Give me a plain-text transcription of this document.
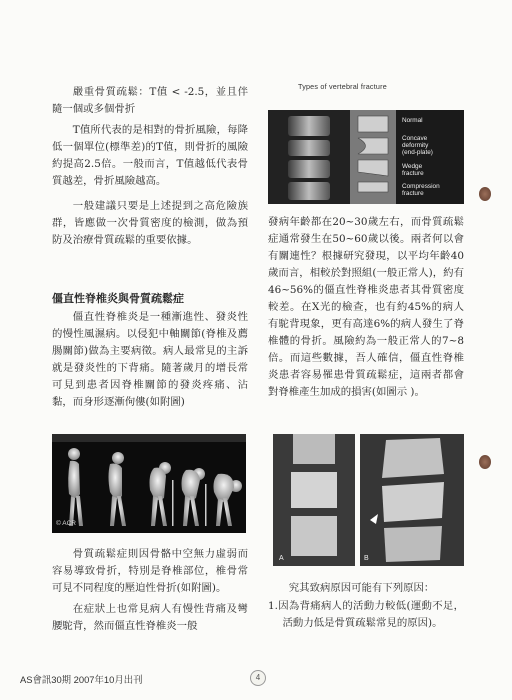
嚴重骨質疏鬆：T值 < -2.5，並且伴隨一個或多個骨折

T值所代表的是相對的骨折風險，每降低一個單位(標準差)的T值，則骨折的風險約提高2.5倍。一般而言，T值越低代表骨質越差，骨折風險越高。

一般建議只要是上述提到之高危險族群，皆應做一次骨質密度的檢測，做為預防及治療骨質疏鬆的重要依據。

僵直性脊椎炎與骨質疏鬆症

僵直性脊椎炎是一種漸進性、發炎性的慢性風濕病。以侵犯中軸關節(脊椎及薦腸關節)做為主要病徵。病人最常見的主訴就是發炎性的下背痛。隨著歲月的增長常可見到患者因脊椎關節的發炎疼痛、沾黏，而身形逐漸佝僂(如附圖)

© ACR

骨質疏鬆症則因骨骼中空無力虛弱而容易導致骨折，特別是脊椎部位，椎骨常可見不同程度的壓迫性骨折(如附圖)。

在症狀上也常見病人有慢性背痛及彎腰駝背，然而僵直性脊椎炎一般

Types of vertebral fracture
Normal
Concave deformity (end-plate)
Wedge fracture
Compression fracture

發病年齡都在20~30歲左右，而骨質疏鬆症通常發生在50~60歲以後。兩者何以會有關連性？根據研究發現，以平均年齡40歲而言，相較於對照組(一般正常人)，約有46~56%的僵直性脊椎炎患者其骨質密度較差。在X光的檢查，也有約45%的病人有駝背現象，更有高達6%的病人發生了脊椎體的骨折。風險約為一般正常人的7~8倍。而這些數據，吾人確信，僵直性脊椎炎患者容易罹患骨質疏鬆症，這兩者都會對脊椎產生加成的損害(如圖示 )。

A	B

究其致病原因可能有下列原因：

1.因為背痛病人的活動力較低(運動不足，活動力低是骨質疏鬆常見的原因)。

AS會訊30期 2007年10月出刊	4
